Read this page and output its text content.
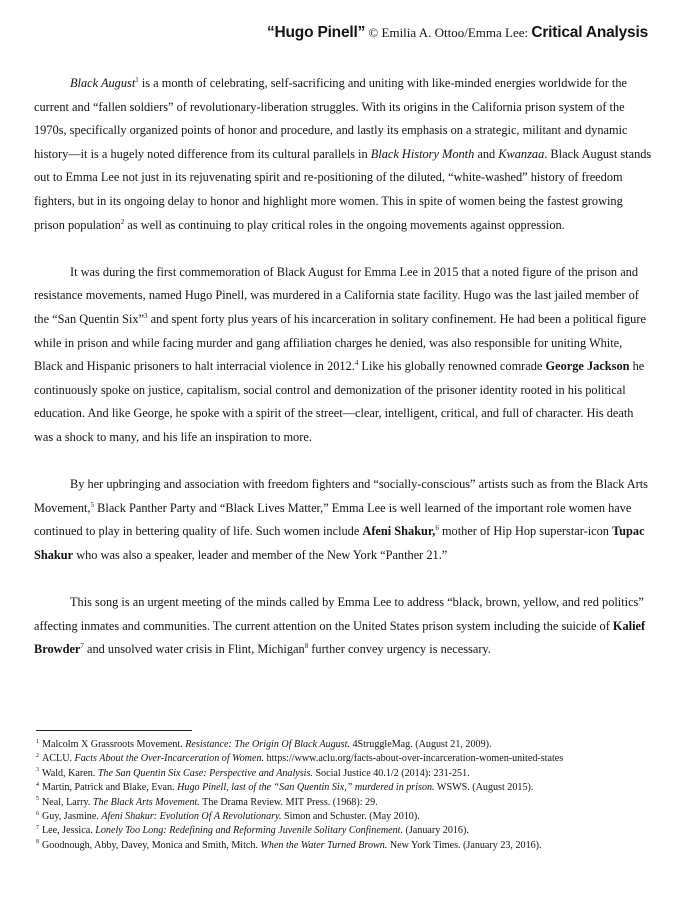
“Hugo Pinell” © Emilia A. Ottoo/Emma Lee: Critical Analysis

Black August$^1$ is a month of celebrating, self-sacrificing and uniting with like-minded energies worldwide for the current and “fallen soldiers” of revolutionary-liberation struggles. With its origins in the California prison system of the 1970s, specifically organized points of honor and procedure, and lastly its emphasis on a strategic, militant and dynamic history—it is a hugely noted difference from its cultural parallels in Black History Month and Kwanzaa. Black August stands out to Emma Lee not just in its rejuvenating spirit and re-positioning of the diluted, “white-washed” history of freedom fighters, but in its ongoing delay to honor and highlight more women. This in spite of women being the fastest growing prison population$^2$ as well as continuing to play critical roles in the ongoing movements against oppression.

It was during the first commemoration of Black August for Emma Lee in 2015 that a noted figure of the prison and resistance movements, named Hugo Pinell, was murdered in a California state facility. Hugo was the last jailed member of the “San Quentin Six”$^3$ and spent forty plus years of his incarceration in solitary confinement. He had been a political figure while in prison and while facing murder and gang affiliation charges he denied, was also responsible for uniting White, Black and Hispanic prisoners to halt interracial violence in 2012.$^4$ Like his globally renowned comrade George Jackson he continuously spoke on justice, capitalism, social control and demonization of the prisoner identity rooted in his political education. And like George, he spoke with a spirit of the street—clear, intelligent, critical, and full of character. His death was a shock to many, and his life an inspiration to more.

By her upbringing and association with freedom fighters and “socially-conscious” artists such as from the Black Arts Movement,$^5$ Black Panther Party and “Black Lives Matter,” Emma Lee is well learned of the important role women have continued to play in bettering quality of life. Such women include Afeni Shakur,$^6$ mother of Hip Hop superstar-icon Tupac Shakur who was also a speaker, leader and member of the New York “Panther 21.”

This song is an urgent meeting of the minds called by Emma Lee to address “black, brown, yellow, and red politics” affecting inmates and communities. The current attention on the United States prison system including the suicide of Kalief Browder$^7$ and unsolved water crisis in Flint, Michigan$^8$ further convey urgency is necessary.

$^1$ Malcolm X Grassroots Movement. Resistance: The Origin Of Black August. 4StruggleMag. (August 21, 2009).
$^2$ ACLU. Facts About the Over-Incarceration of Women. https://www.aclu.org/facts-about-over-incarceration-women-united-states
$^3$ Wald, Karen. The San Quentin Six Case: Perspective and Analysis. Social Justice 40.1/2 (2014): 231-251.
$^4$ Martin, Patrick and Blake, Evan. Hugo Pinell, last of the “San Quentin Six,” murdered in prison. WSWS. (August 2015).
$^5$ Neal, Larry. The Black Arts Movement. The Drama Review. MIT Press. (1968): 29.
$^6$ Guy, Jasmine. Afeni Shakur: Evolution Of A Revolutionary. Simon and Schuster. (May 2010).
$^7$ Lee, Jessica. Lonely Too Long: Redefining and Reforming Juvenile Solitary Confinement. (January 2016).
$^8$ Goodnough, Abby, Davey, Monica and Smith, Mitch. When the Water Turned Brown. New York Times. (January 23, 2016).
